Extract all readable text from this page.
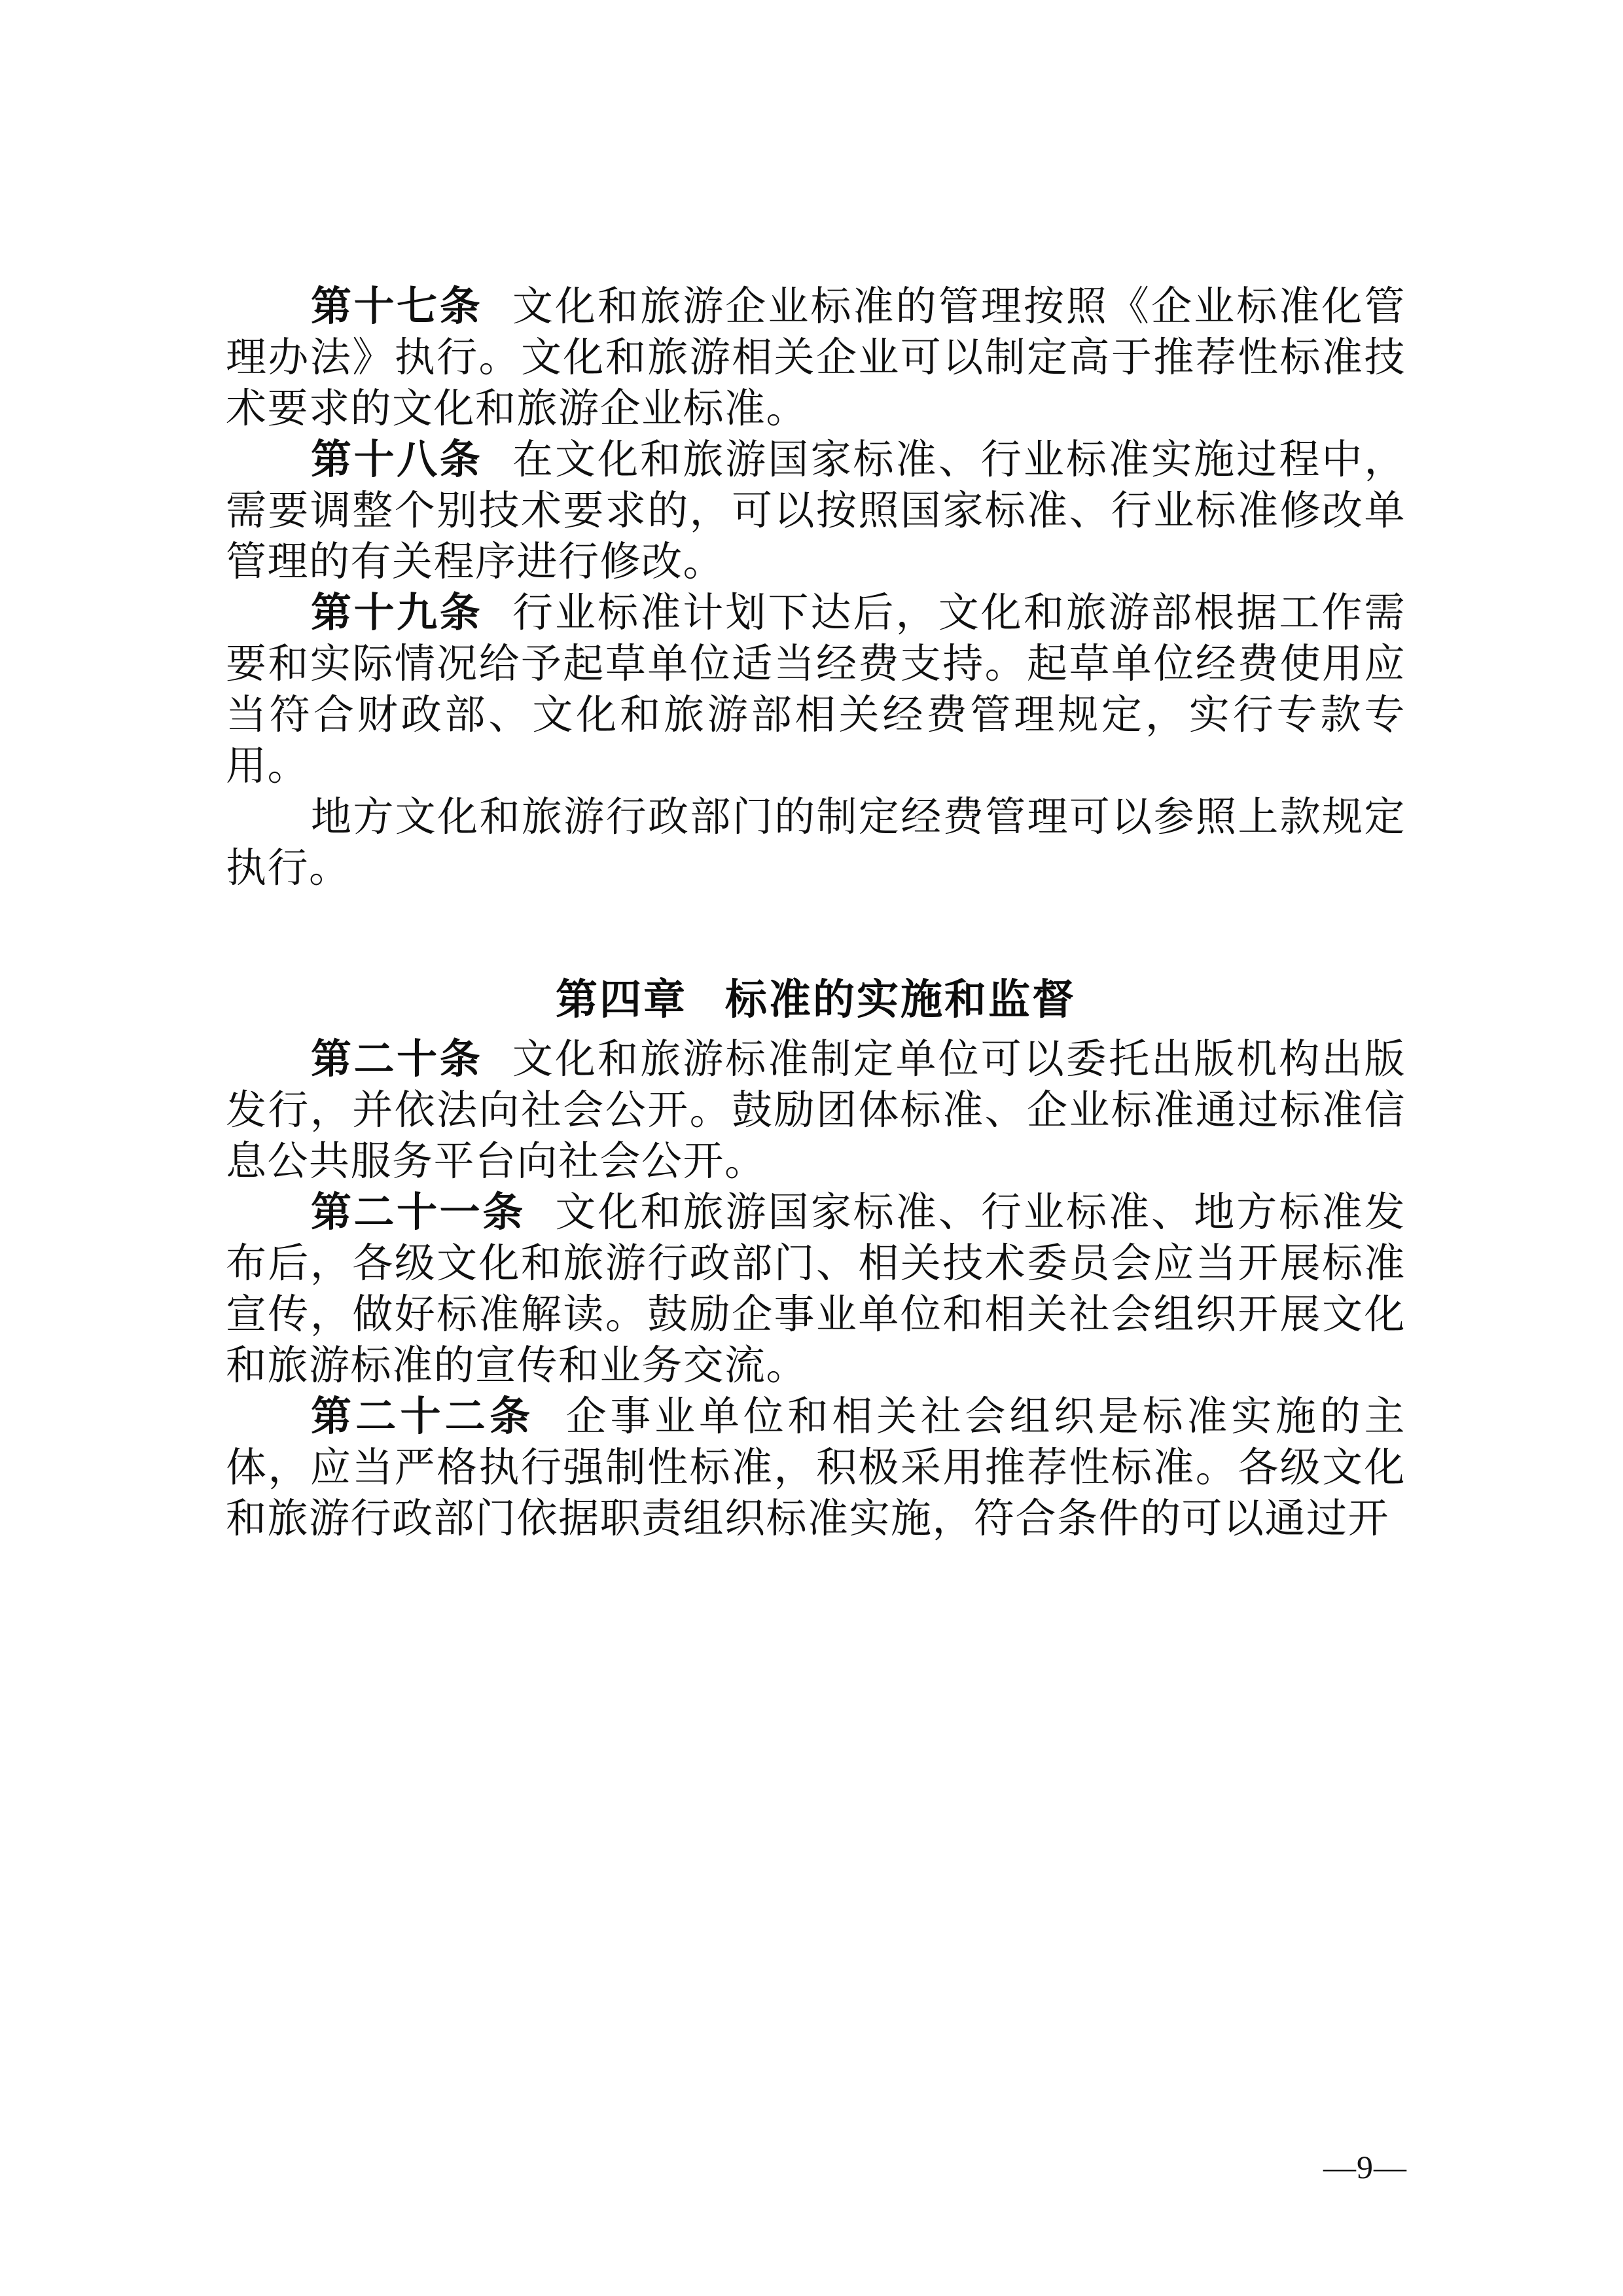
第十七条 文化和旅游企业标准的管理按照《企业标准化管理办法》执行。文化和旅游相关企业可以制定高于推荐性标准技术要求的文化和旅游企业标准。

第十八条 在文化和旅游国家标准、行业标准实施过程中，需要调整个别技术要求的，可以按照国家标准、行业标准修改单管理的有关程序进行修改。

第十九条 行业标准计划下达后，文化和旅游部根据工作需要和实际情况给予起草单位适当经费支持。起草单位经费使用应当符合财政部、文化和旅游部相关经费管理规定，实行专款专用。

地方文化和旅游行政部门的制定经费管理可以参照上款规定执行。

第四章 标准的实施和监督

第二十条 文化和旅游标准制定单位可以委托出版机构出版发行，并依法向社会公开。鼓励团体标准、企业标准通过标准信息公共服务平台向社会公开。

第二十一条 文化和旅游国家标准、行业标准、地方标准发布后，各级文化和旅游行政部门、相关技术委员会应当开展标准宣传，做好标准解读。鼓励企事业单位和相关社会组织开展文化和旅游标准的宣传和业务交流。

第二十二条 企事业单位和相关社会组织是标准实施的主体，应当严格执行强制性标准，积极采用推荐性标准。各级文化和旅游行政部门依据职责组织标准实施，符合条件的可以通过开

—9—
